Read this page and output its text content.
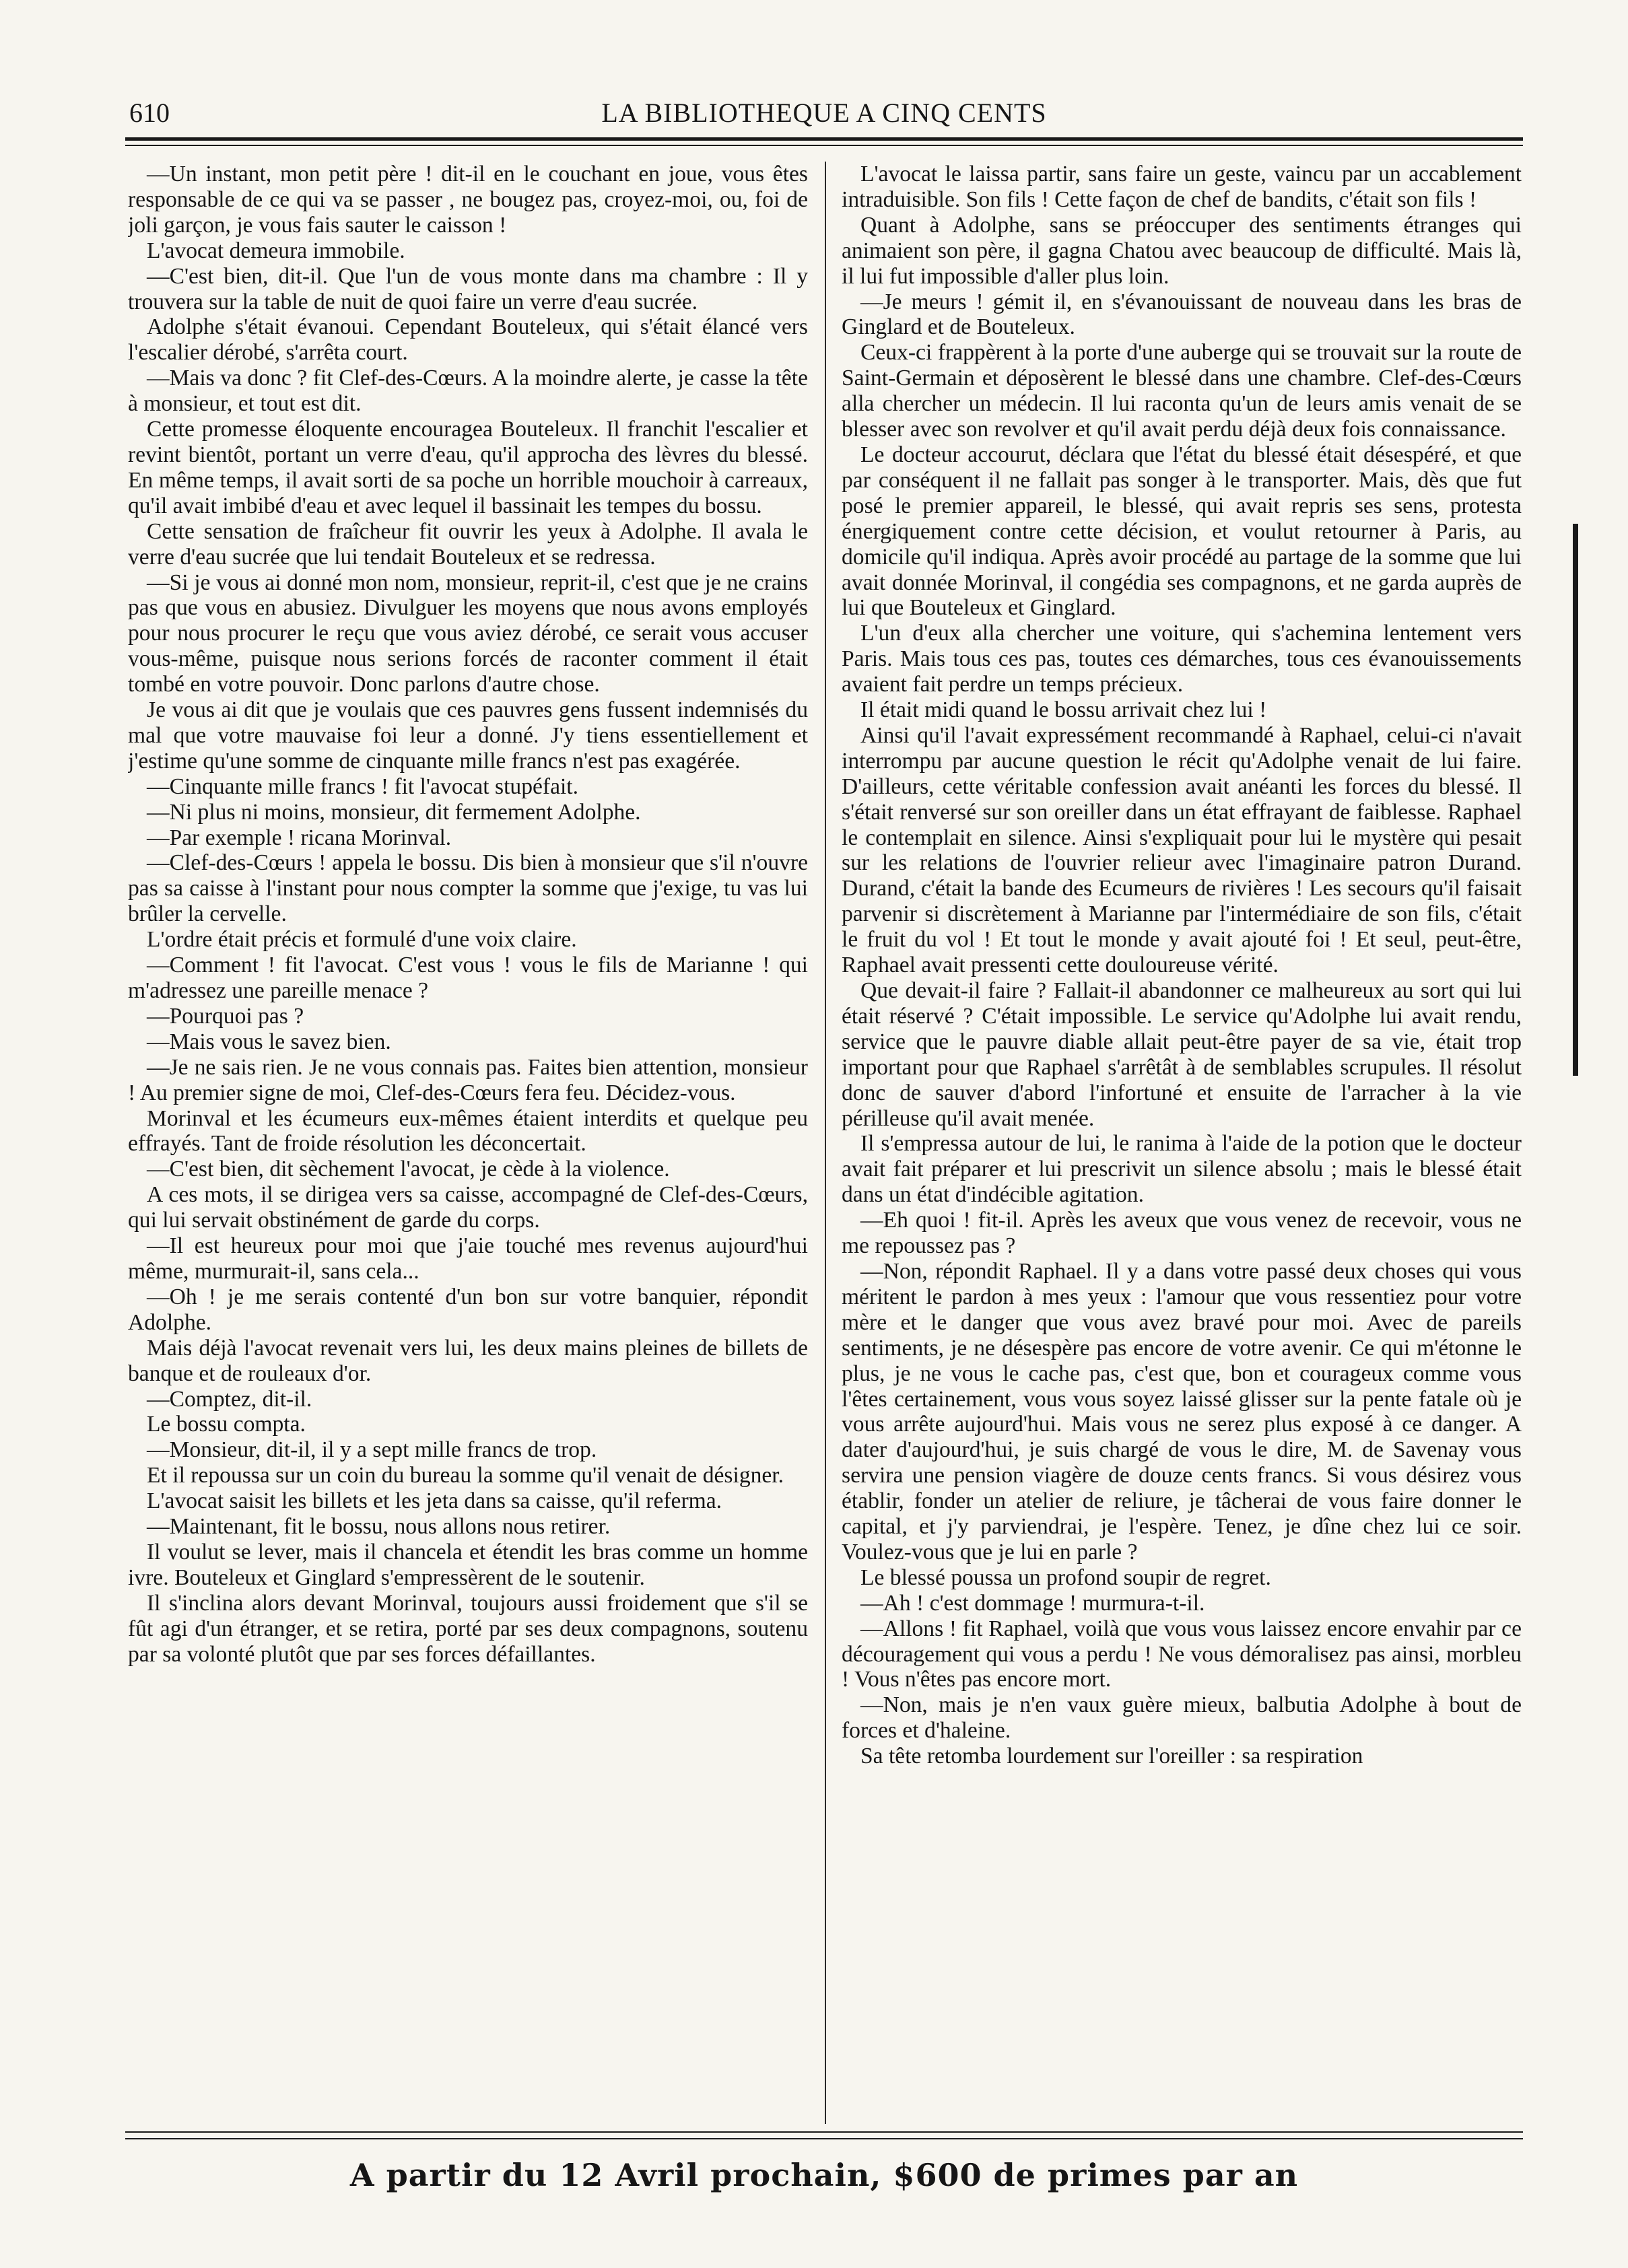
610	LA BIBLIOTHEQUE A CINQ CENTS

—Un instant, mon petit père ! dit-il en le couchant en joue, vous êtes responsable de ce qui va se passer , ne bougez pas, croyez-moi, ou, foi de joli garçon, je vous fais sauter le caisson !

L'avocat demeura immobile.

—C'est bien, dit-il. Que l'un de vous monte dans ma chambre : Il y trouvera sur la table de nuit de quoi faire un verre d'eau sucrée.

Adolphe s'était évanoui. Cependant Bouteleux, qui s'était élancé vers l'escalier dérobé, s'arrêta court.

—Mais va donc ? fit Clef-des-Cœurs. A la moindre alerte, je casse la tête à monsieur, et tout est dit.

Cette promesse éloquente encouragea Bouteleux. Il franchit l'escalier et revint bientôt, portant un verre d'eau, qu'il approcha des lèvres du blessé. En même temps, il avait sorti de sa poche un horrible mouchoir à carreaux, qu'il avait imbibé d'eau et avec lequel il bassinait les tempes du bossu.

Cette sensation de fraîcheur fit ouvrir les yeux à Adolphe. Il avala le verre d'eau sucrée que lui tendait Bouteleux et se redressa.

—Si je vous ai donné mon nom, monsieur, reprit-il, c'est que je ne crains pas que vous en abusiez. Divulguer les moyens que nous avons employés pour nous procurer le reçu que vous aviez dérobé, ce serait vous accuser vous-même, puisque nous serions forcés de raconter comment il était tombé en votre pouvoir. Donc parlons d'autre chose.

Je vous ai dit que je voulais que ces pauvres gens fussent indemnisés du mal que votre mauvaise foi leur a donné. J'y tiens essentiellement et j'estime qu'une somme de cinquante mille francs n'est pas exagérée.

—Cinquante mille francs ! fit l'avocat stupéfait.

—Ni plus ni moins, monsieur, dit fermement Adolphe.

—Par exemple ! ricana Morinval.

—Clef-des-Cœurs ! appela le bossu. Dis bien à monsieur que s'il n'ouvre pas sa caisse à l'instant pour nous compter la somme que j'exige, tu vas lui brûler la cervelle.

L'ordre était précis et formulé d'une voix claire.

—Comment ! fit l'avocat. C'est vous ! vous le fils de Marianne ! qui m'adressez une pareille menace ?

—Pourquoi pas ?

—Mais vous le savez bien.

—Je ne sais rien. Je ne vous connais pas. Faites bien attention, monsieur ! Au premier signe de moi, Clef-des-Cœurs fera feu. Décidez-vous.

Morinval et les écumeurs eux-mêmes étaient interdits et quelque peu effrayés. Tant de froide résolution les déconcertait.

—C'est bien, dit sèchement l'avocat, je cède à la violence.

A ces mots, il se dirigea vers sa caisse, accompagné de Clef-des-Cœurs, qui lui servait obstinément de garde du corps.

—Il est heureux pour moi que j'aie touché mes revenus aujourd'hui même, murmurait-il, sans cela...

—Oh ! je me serais contenté d'un bon sur votre banquier, répondit Adolphe.

Mais déjà l'avocat revenait vers lui, les deux mains pleines de billets de banque et de rouleaux d'or.

—Comptez, dit-il.

Le bossu compta.

—Monsieur, dit-il, il y a sept mille francs de trop.

Et il repoussa sur un coin du bureau la somme qu'il venait de désigner.

L'avocat saisit les billets et les jeta dans sa caisse, qu'il referma.

—Maintenant, fit le bossu, nous allons nous retirer.

Il voulut se lever, mais il chancela et étendit les bras comme un homme ivre. Bouteleux et Ginglard s'empressèrent de le soutenir.

Il s'inclina alors devant Morinval, toujours aussi froidement que s'il se fût agi d'un étranger, et se retira, porté par ses deux compagnons, soutenu par sa volonté plutôt que par ses forces défaillantes.

L'avocat le laissa partir, sans faire un geste, vaincu par un accablement intraduisible. Son fils ! Cette façon de chef de bandits, c'était son fils !

Quant à Adolphe, sans se préoccuper des sentiments étranges qui animaient son père, il gagna Chatou avec beaucoup de difficulté. Mais là, il lui fut impossible d'aller plus loin.

—Je meurs ! gémit il, en s'évanouissant de nouveau dans les bras de Ginglard et de Bouteleux.

Ceux-ci frappèrent à la porte d'une auberge qui se trouvait sur la route de Saint-Germain et déposèrent le blessé dans une chambre. Clef-des-Cœurs alla chercher un médecin. Il lui raconta qu'un de leurs amis venait de se blesser avec son revolver et qu'il avait perdu déjà deux fois connaissance.

Le docteur accourut, déclara que l'état du blessé était désespéré, et que par conséquent il ne fallait pas songer à le transporter. Mais, dès que fut posé le premier appareil, le blessé, qui avait repris ses sens, protesta énergiquement contre cette décision, et voulut retourner à Paris, au domicile qu'il indiqua. Après avoir procédé au partage de la somme que lui avait donnée Morinval, il congédia ses compagnons, et ne garda auprès de lui que Bouteleux et Ginglard.

L'un d'eux alla chercher une voiture, qui s'achemina lentement vers Paris. Mais tous ces pas, toutes ces démarches, tous ces évanouissements avaient fait perdre un temps précieux.

Il était midi quand le bossu arrivait chez lui !

Ainsi qu'il l'avait expressément recommandé à Raphael, celui-ci n'avait interrompu par aucune question le récit qu'Adolphe venait de lui faire. D'ailleurs, cette véritable confession avait anéanti les forces du blessé. Il s'était renversé sur son oreiller dans un état effrayant de faiblesse. Raphael le contemplait en silence. Ainsi s'expliquait pour lui le mystère qui pesait sur les relations de l'ouvrier relieur avec l'imaginaire patron Durand. Durand, c'était la bande des Ecumeurs de rivières ! Les secours qu'il faisait parvenir si discrètement à Marianne par l'intermédiaire de son fils, c'était le fruit du vol ! Et tout le monde y avait ajouté foi ! Et seul, peut-être, Raphael avait pressenti cette douloureuse vérité.

Que devait-il faire ? Fallait-il abandonner ce malheureux au sort qui lui était réservé ? C'était impossible. Le service qu'Adolphe lui avait rendu, service que le pauvre diable allait peut-être payer de sa vie, était trop important pour que Raphael s'arrêtât à de semblables scrupules. Il résolut donc de sauver d'abord l'infortuné et ensuite de l'arracher à la vie périlleuse qu'il avait menée.

Il s'empressa autour de lui, le ranima à l'aide de la potion que le docteur avait fait préparer et lui prescrivit un silence absolu ; mais le blessé était dans un état d'indécible agitation.

—Eh quoi ! fit-il. Après les aveux que vous venez de recevoir, vous ne me repoussez pas ?

—Non, répondit Raphael. Il y a dans votre passé deux choses qui vous méritent le pardon à mes yeux : l'amour que vous ressentiez pour votre mère et le danger que vous avez bravé pour moi. Avec de pareils sentiments, je ne désespère pas encore de votre avenir. Ce qui m'étonne le plus, je ne vous le cache pas, c'est que, bon et courageux comme vous l'êtes certainement, vous vous soyez laissé glisser sur la pente fatale où je vous arrête aujourd'hui. Mais vous ne serez plus exposé à ce danger. A dater d'aujourd'hui, je suis chargé de vous le dire, M. de Savenay vous servira une pension viagère de douze cents francs. Si vous désirez vous établir, fonder un atelier de reliure, je tâcherai de vous faire donner le capital, et j'y parviendrai, je l'espère. Tenez, je dîne chez lui ce soir. Voulez-vous que je lui en parle ?

Le blessé poussa un profond soupir de regret.

—Ah ! c'est dommage ! murmura-t-il.

—Allons ! fit Raphael, voilà que vous vous laissez encore envahir par ce découragement qui vous a perdu ! Ne vous démoralisez pas ainsi, morbleu ! Vous n'êtes pas encore mort.

—Non, mais je n'en vaux guère mieux, balbutia Adolphe à bout de forces et d'haleine.

Sa tête retomba lourdement sur l'oreiller : sa respiration

A partir du 12 Avril prochain, $600 de primes par an
